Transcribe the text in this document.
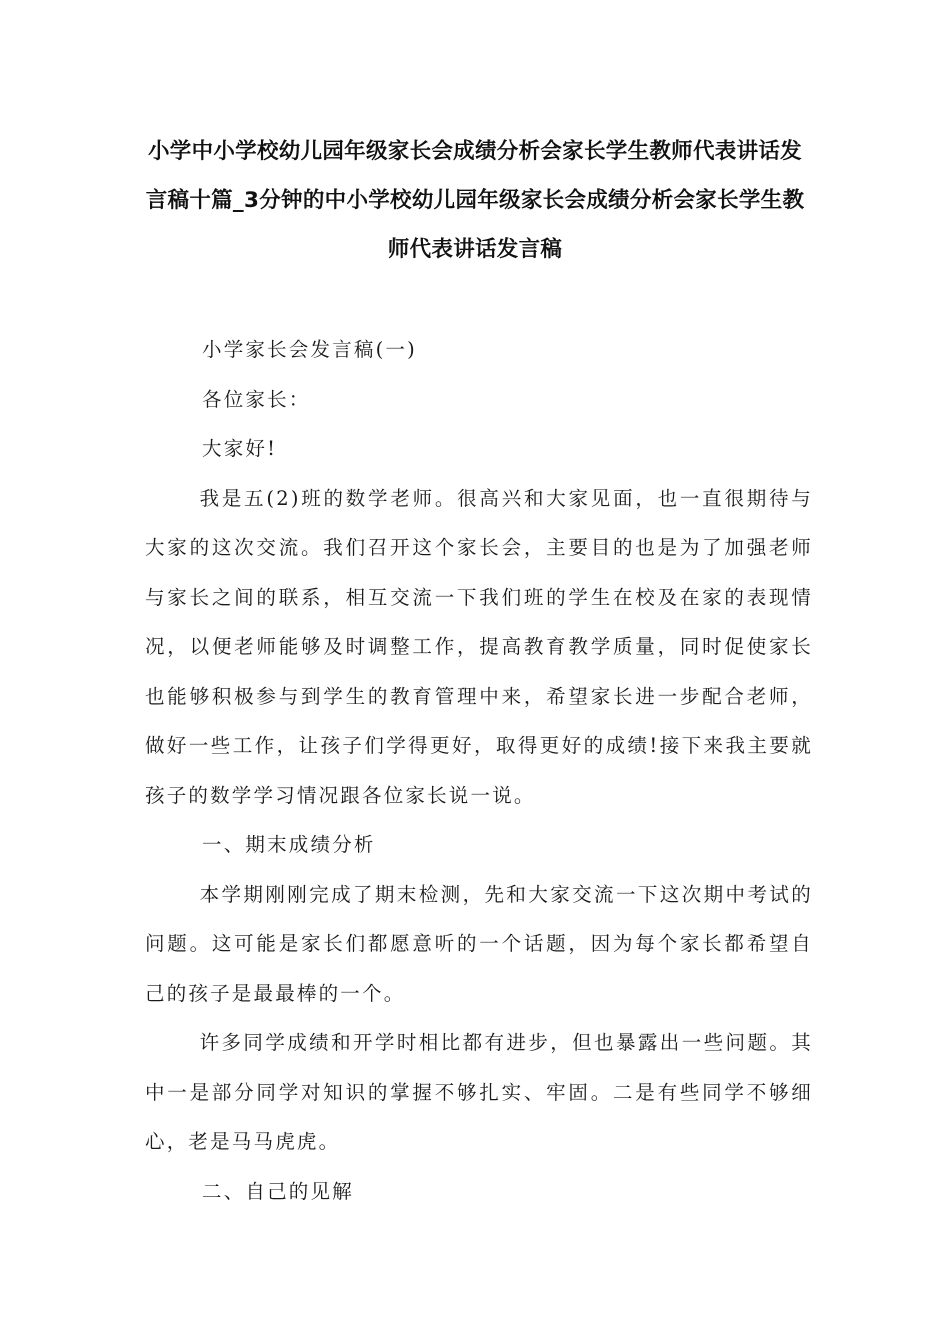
小学中小学校幼儿园年级家长会成绩分析会家长学生教师代表讲话发言稿十篇_3分钟的中小学校幼儿园年级家长会成绩分析会家长学生教师代表讲话发言稿

小学家长会发言稿(一)

各位家长：

大家好!

我是五(2)班的数学老师。很高兴和大家见面，也一直很期待与大家的这次交流。我们召开这个家长会，主要目的也是为了加强老师与家长之间的联系，相互交流一下我们班的学生在校及在家的表现情况，以便老师能够及时调整工作，提高教育教学质量，同时促使家长也能够积极参与到学生的教育管理中来，希望家长进一步配合老师，做好一些工作，让孩子们学得更好，取得更好的成绩!接下来我主要就孩子的数学学习情况跟各位家长说一说。

一、期末成绩分析

本学期刚刚完成了期末检测，先和大家交流一下这次期中考试的问题。这可能是家长们都愿意听的一个话题，因为每个家长都希望自己的孩子是最最棒的一个。

许多同学成绩和开学时相比都有进步，但也暴露出一些问题。其中一是部分同学对知识的掌握不够扎实、牢固。二是有些同学不够细心，老是马马虎虎。

二、自己的见解
